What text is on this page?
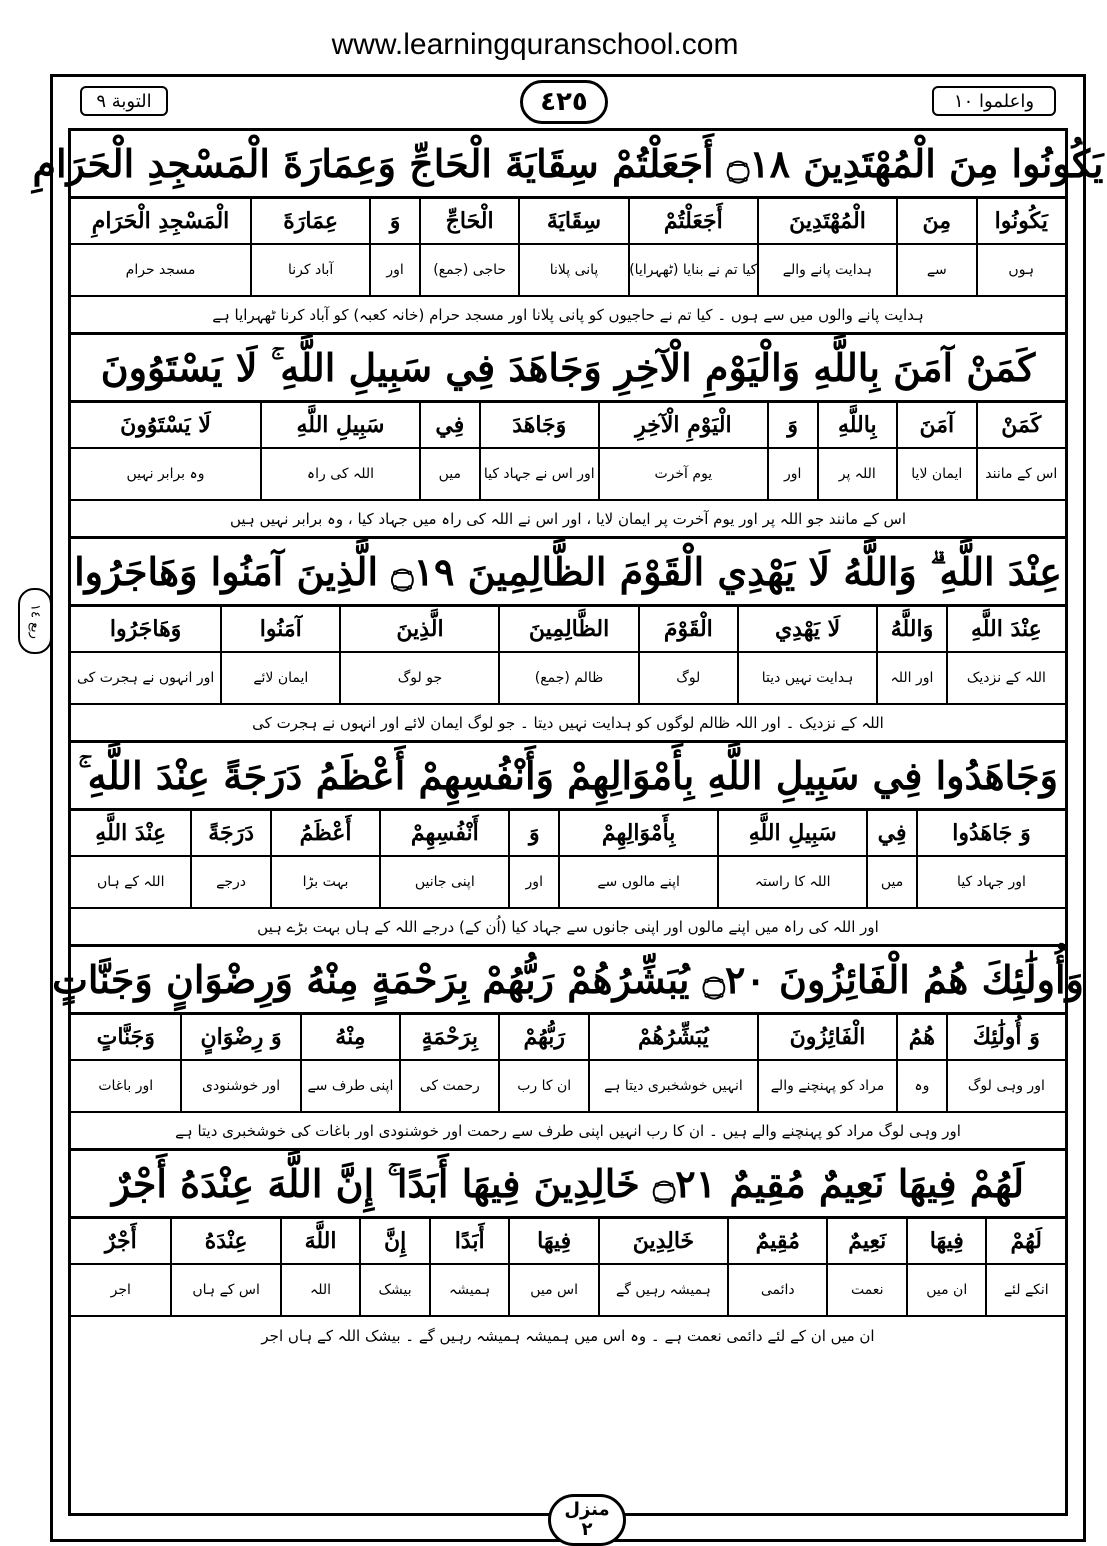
www.learningquranschool.com
واعلموا ١٠
٤٢٥
التوبة ٩
ربع ١٤
يَكُونُوا مِنَ الْمُهْتَدِينَ ۝١٨ أَجَعَلْتُمْ سِقَايَةَ الْحَاجِّ وَعِمَارَةَ الْمَسْجِدِ الْحَرَامِ
يَكُونُوا
مِنَ
الْمُهْتَدِينَ
أَجَعَلْتُمْ
سِقَايَةَ
الْحَاجِّ
وَ
عِمَارَةَ
الْمَسْجِدِ الْحَرَامِ
ہوں
سے
ہدایت پانے والے
کیا تم نے بنایا (ٹھہرایا)
پانی پلانا
حاجی (جمع)
اور
آباد کرنا
مسجد حرام
ہدایت پانے والوں میں سے ہوں ۔ کیا تم نے حاجیوں کو پانی پلانا اور مسجد حرام (خانہ کعبہ) کو آباد کرنا ٹھہرایا ہے
كَمَنْ آمَنَ بِاللَّهِ وَالْيَوْمِ الْآخِرِ وَجَاهَدَ فِي سَبِيلِ اللَّهِ ۚ لَا يَسْتَوُونَ
كَمَنْ
آمَنَ
بِاللَّهِ
وَ
الْيَوْمِ الْآخِرِ
وَجَاهَدَ
فِي
سَبِيلِ اللَّهِ
لَا يَسْتَوُونَ
اس کے مانند
ایمان لایا
اللہ پر
اور
یوم آخرت
اور اس نے جہاد کیا
میں
اللہ کی راہ
وہ برابر نہیں
اس کے مانند جو اللہ پر اور یوم آخرت پر ایمان لایا ، اور اس نے اللہ کی راہ میں جہاد کیا ، وہ برابر نہیں ہیں
عِنْدَ اللَّهِ ۗ وَاللَّهُ لَا يَهْدِي الْقَوْمَ الظَّالِمِينَ ۝١٩ الَّذِينَ آمَنُوا وَهَاجَرُوا
عِنْدَ اللَّهِ
وَاللَّهُ
لَا يَهْدِي
الْقَوْمَ
الظَّالِمِينَ
الَّذِينَ
آمَنُوا
وَهَاجَرُوا
اللہ کے نزدیک
اور اللہ
ہدایت نہیں دیتا
لوگ
ظالم (جمع)
جو لوگ
ایمان لائے
اور انہوں نے ہجرت کی
اللہ کے نزدیک ۔ اور اللہ ظالم لوگوں کو ہدایت نہیں دیتا ۔ جو لوگ ایمان لائے اور انہوں نے ہجرت کی
وَجَاهَدُوا فِي سَبِيلِ اللَّهِ بِأَمْوَالِهِمْ وَأَنْفُسِهِمْ أَعْظَمُ دَرَجَةً عِنْدَ اللَّهِ ۚ
وَ جَاهَدُوا
فِي
سَبِيلِ اللَّهِ
بِأَمْوَالِهِمْ
وَ
أَنْفُسِهِمْ
أَعْظَمُ
دَرَجَةً
عِنْدَ اللَّهِ
اور جہاد کیا
میں
اللہ کا راستہ
اپنے مالوں سے
اور
اپنی جانیں
بہت بڑا
درجے
اللہ کے ہاں
اور اللہ کی راہ میں اپنے مالوں اور اپنی جانوں سے جہاد کیا (اُن کے) درجے اللہ کے ہاں بہت بڑے ہیں
وَأُولَٰئِكَ هُمُ الْفَائِزُونَ ۝٢٠ يُبَشِّرُهُمْ رَبُّهُمْ بِرَحْمَةٍ مِنْهُ وَرِضْوَانٍ وَجَنَّاتٍ
وَ أُولَٰئِكَ
هُمُ
الْفَائِزُونَ
يُبَشِّرُهُمْ
رَبُّهُمْ
بِرَحْمَةٍ
مِنْهُ
وَ رِضْوَانٍ
وَجَنَّاتٍ
اور وہی لوگ
وہ
مراد کو پہنچنے والے
انہیں خوشخبری دیتا ہے
ان کا رب
رحمت کی
اپنی طرف سے
اور خوشنودی
اور باغات
اور وہی لوگ مراد کو پہنچنے والے ہیں ۔ ان کا رب انہیں اپنی طرف سے رحمت اور خوشنودی اور باغات کی خوشخبری دیتا ہے
لَهُمْ فِيهَا نَعِيمٌ مُقِيمٌ ۝٢١ خَالِدِينَ فِيهَا أَبَدًا ۚ إِنَّ اللَّهَ عِنْدَهُ أَجْرٌ
لَهُمْ
فِيهَا
نَعِيمٌ
مُقِيمٌ
خَالِدِينَ
فِيهَا
أَبَدًا
إِنَّ
اللَّهَ
عِنْدَهُ
أَجْرٌ
انکے لئے
ان میں
نعمت
دائمی
ہمیشہ رہیں گے
اس میں
ہمیشہ
بیشک
اللہ
اس کے ہاں
اجر
ان میں ان کے لئے دائمی نعمت ہے ۔ وہ اس میں ہمیشہ ہمیشہ رہیں گے ۔ بیشک اللہ کے ہاں اجر
منزل
٢
